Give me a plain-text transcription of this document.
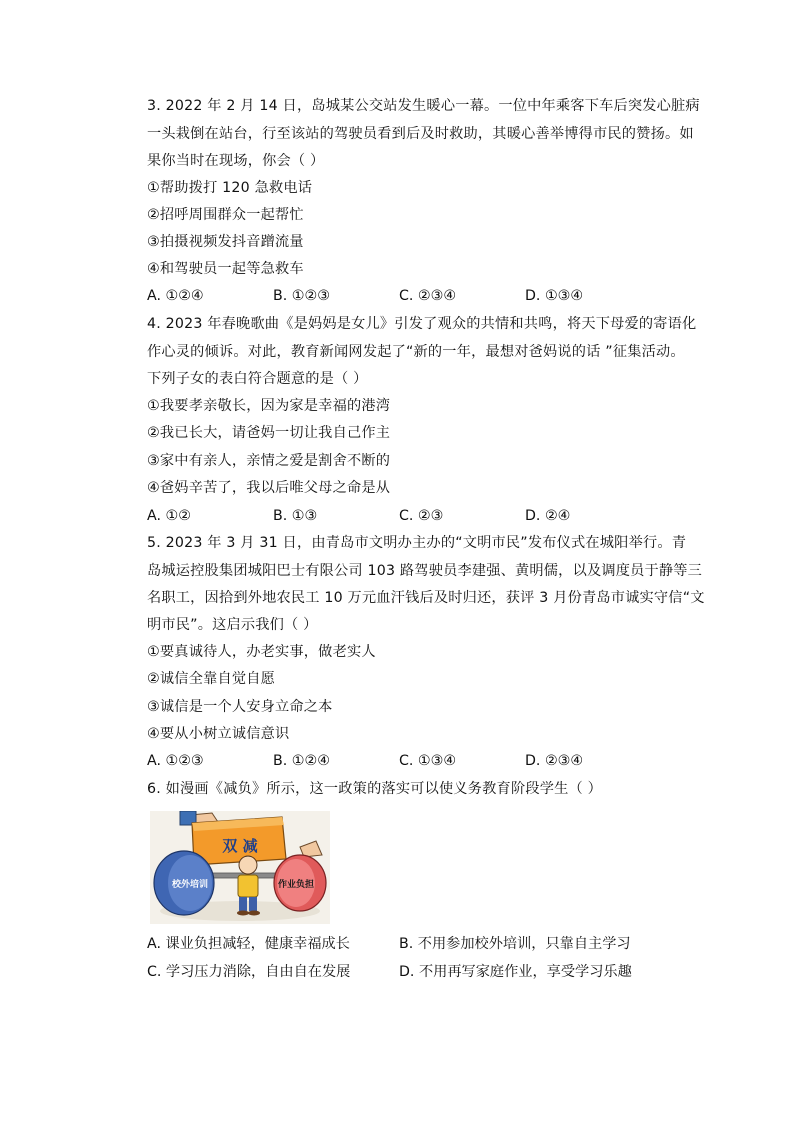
3. 2022 年 2 月 14 日，岛城某公交站发生暖心一幕。一位中年乘客下车后突发心脏病
一头栽倒在站台，行至该站的驾驶员看到后及时救助，其暖心善举博得市民的赞扬。如
果你当时在现场，你会（ ）
①帮助拨打 120 急救电话
②招呼周围群众一起帮忙
③拍摄视频发抖音蹭流量
④和驾驶员一起等急救车
A. ①②④	B. ①②③	C. ②③④	D. ①③④
4. 2023 年春晚歌曲《是妈妈是女儿》引发了观众的共情和共鸣，将天下母爱的寄语化
作心灵的倾诉。对此，教育新闻网发起了“新的一年，最想对爸妈说的话 ”征集活动。
下列子女的表白符合题意的是（ ）
①我要孝亲敬长，因为家是幸福的港湾
②我已长大，请爸妈一切让我自己作主
③家中有亲人，亲情之爱是割舍不断的
④爸妈辛苦了，我以后唯父母之命是从
A. ①②	B. ①③	C. ②③	D. ②④
5. 2023 年 3 月 31 日，由青岛市文明办主办的“文明市民”发布仪式在城阳举行。青
岛城运控股集团城阳巴士有限公司 103 路驾驶员李建强、黄明儒，以及调度员于静等三
名职工，因拾到外地农民工 10 万元血汗钱后及时归还，获评 3 月份青岛市诚实守信“文
明市民”。这启示我们（ ）
①要真诚待人，办老实事，做老实人
②诚信全靠自觉自愿
③诚信是一个人安身立命之本
④要从小树立诚信意识
A. ①②③	B. ①②④	C. ①③④	D. ②③④
6. 如漫画《减负》所示，这一政策的落实可以使义务教育阶段学生（ ）
双 减
校外培训	作业负担
A. 课业负担减轻，健康幸福成长	B. 不用参加校外培训，只靠自主学习
C. 学习压力消除，自由自在发展	D. 不用再写家庭作业，享受学习乐趣
